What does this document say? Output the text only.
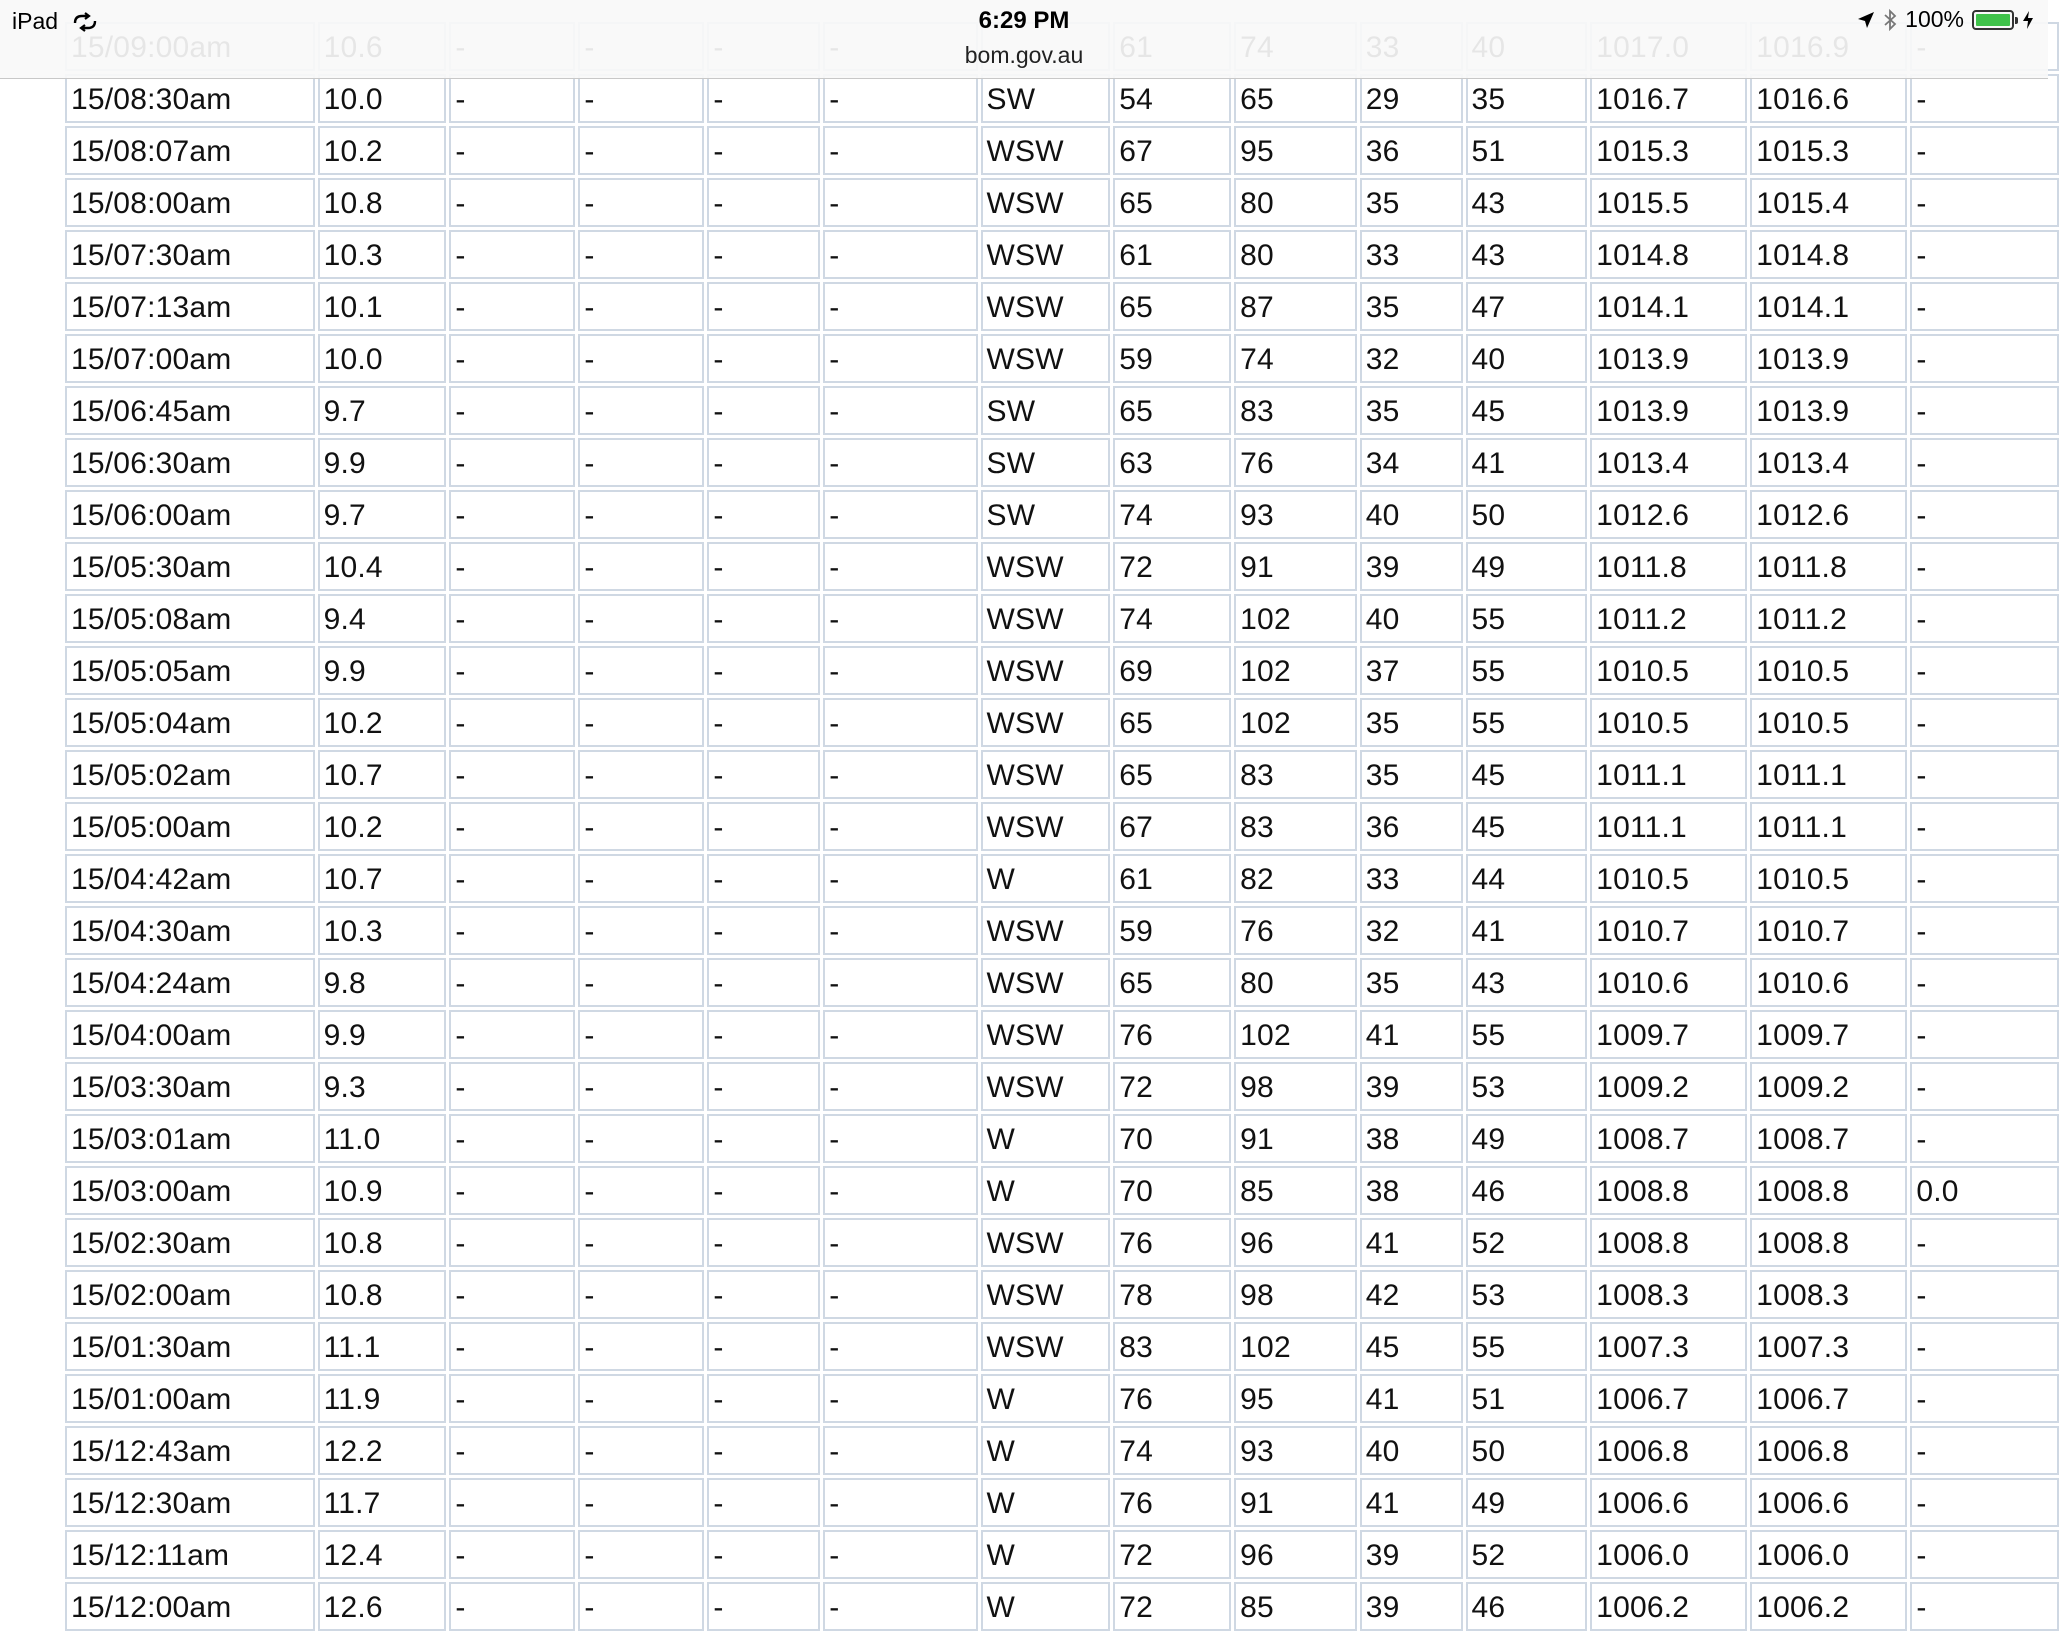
15/08:30am	10.0	-	-	-	-	SW	54	65	29	35	1016.7	1016.6	-
15/08:07am	10.2	-	-	-	-	WSW	67	95	36	51	1015.3	1015.3	-
15/08:00am	10.8	-	-	-	-	WSW	65	80	35	43	1015.5	1015.4	-
15/07:30am	10.3	-	-	-	-	WSW	61	80	33	43	1014.8	1014.8	-
15/07:13am	10.1	-	-	-	-	WSW	65	87	35	47	1014.1	1014.1	-
15/07:00am	10.0	-	-	-	-	WSW	59	74	32	40	1013.9	1013.9	-
15/06:45am	9.7	-	-	-	-	SW	65	83	35	45	1013.9	1013.9	-
15/06:30am	9.9	-	-	-	-	SW	63	76	34	41	1013.4	1013.4	-
15/06:00am	9.7	-	-	-	-	SW	74	93	40	50	1012.6	1012.6	-
15/05:30am	10.4	-	-	-	-	WSW	72	91	39	49	1011.8	1011.8	-
15/05:08am	9.4	-	-	-	-	WSW	74	102	40	55	1011.2	1011.2	-
15/05:05am	9.9	-	-	-	-	WSW	69	102	37	55	1010.5	1010.5	-
15/05:04am	10.2	-	-	-	-	WSW	65	102	35	55	1010.5	1010.5	-
15/05:02am	10.7	-	-	-	-	WSW	65	83	35	45	1011.1	1011.1	-
15/05:00am	10.2	-	-	-	-	WSW	67	83	36	45	1011.1	1011.1	-
15/04:42am	10.7	-	-	-	-	W	61	82	33	44	1010.5	1010.5	-
15/04:30am	10.3	-	-	-	-	WSW	59	76	32	41	1010.7	1010.7	-
15/04:24am	9.8	-	-	-	-	WSW	65	80	35	43	1010.6	1010.6	-
15/04:00am	9.9	-	-	-	-	WSW	76	102	41	55	1009.7	1009.7	-
15/03:30am	9.3	-	-	-	-	WSW	72	98	39	53	1009.2	1009.2	-
15/03:01am	11.0	-	-	-	-	W	70	91	38	49	1008.7	1008.7	-
15/03:00am	10.9	-	-	-	-	W	70	85	38	46	1008.8	1008.8	0.0
15/02:30am	10.8	-	-	-	-	WSW	76	96	41	52	1008.8	1008.8	-
15/02:00am	10.8	-	-	-	-	WSW	78	98	42	53	1008.3	1008.3	-
15/01:30am	11.1	-	-	-	-	WSW	83	102	45	55	1007.3	1007.3	-
15/01:00am	11.9	-	-	-	-	W	76	95	41	51	1006.7	1006.7	-
15/12:43am	12.2	-	-	-	-	W	74	93	40	50	1006.8	1006.8	-
15/12:30am	11.7	-	-	-	-	W	76	91	41	49	1006.6	1006.6	-
15/12:11am	12.4	-	-	-	-	W	72	96	39	52	1006.0	1006.0	-
15/12:00am	12.6	-	-	-	-	W	72	85	39	46	1006.2	1006.2	-
iPad	6:29 PM
bom.gov.au
100%
